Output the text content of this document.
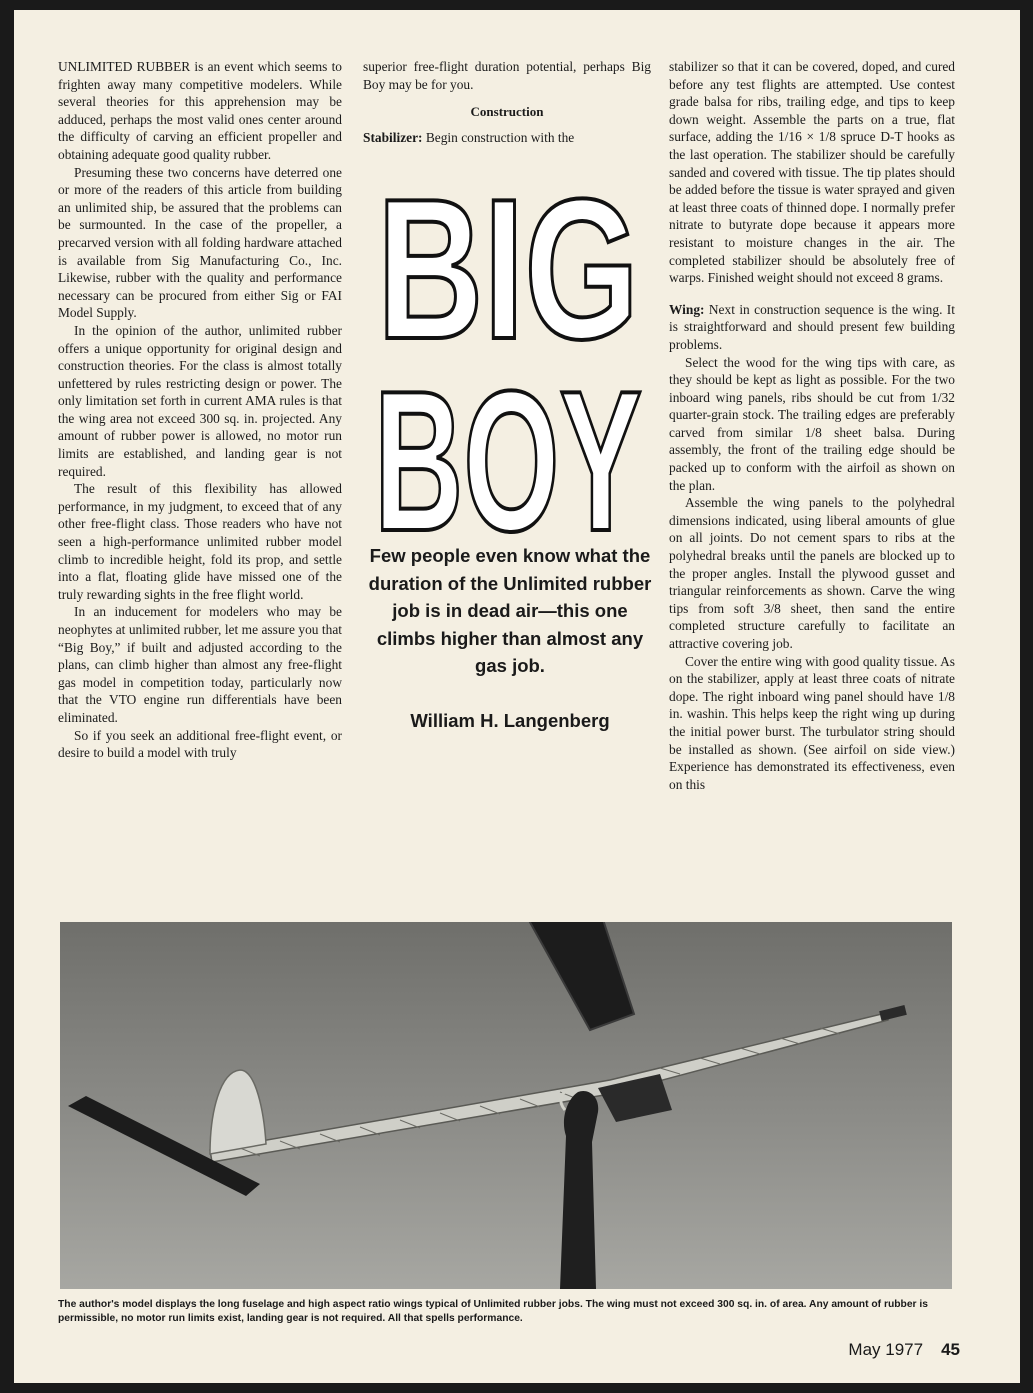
UNLIMITED RUBBER is an event which seems to frighten away many competitive modelers. While several theories for this apprehension may be adduced, perhaps the most valid ones center around the difficulty of carving an efficient propeller and obtaining adequate good quality rubber.

Presuming these two concerns have deterred one or more of the readers of this article from building an unlimited ship, be assured that the problems can be surmounted. In the case of the propeller, a precarved version with all folding hardware attached is available from Sig Manufacturing Co., Inc. Likewise, rubber with the quality and performance necessary can be procured from either Sig or FAI Model Supply.

In the opinion of the author, unlimited rubber offers a unique opportunity for original design and construction theories. For the class is almost totally unfettered by rules restricting design or power. The only limitation set forth in current AMA rules is that the wing area not exceed 300 sq. in. projected. Any amount of rubber power is allowed, no motor run limits are established, and landing gear is not required.

The result of this flexibility has allowed performance, in my judgment, to exceed that of any other free-flight class. Those readers who have not seen a high-performance unlimited rubber model climb to incredible height, fold its prop, and settle into a flat, floating glide have missed one of the truly rewarding sights in the free flight world.

In an inducement for modelers who may be neophytes at unlimited rubber, let me assure you that “Big Boy,” if built and adjusted according to the plans, can climb higher than almost any free-flight gas model in competition today, particularly now that the VTO engine run differentials have been eliminated.

So if you seek an additional free-flight event, or desire to build a model with truly

superior free-flight duration potential, perhaps Big Boy may be for you.

Construction

Stabilizer: Begin construction with the

BIG
BOY
Few people even know what the duration of the Unlimited rubber job is in dead air—this one climbs higher than almost any gas job.
William H. Langenberg

stabilizer so that it can be covered, doped, and cured before any test flights are attempted. Use contest grade balsa for ribs, trailing edge, and tips to keep down weight. Assemble the parts on a true, flat surface, adding the 1/16 × 1/8 spruce D-T hooks as the last operation. The stabilizer should be carefully sanded and covered with tissue. The tip plates should be added before the tissue is water sprayed and given at least three coats of thinned dope. I normally prefer nitrate to butyrate dope because it appears more resistant to moisture changes in the air. The completed stabilizer should be absolutely free of warps. Finished weight should not exceed 8 grams.

Wing: Next in construction sequence is the wing. It is straightforward and should present few building problems.

Select the wood for the wing tips with care, as they should be kept as light as possible. For the two inboard wing panels, ribs should be cut from 1/32 quarter-grain stock. The trailing edges are preferably carved from similar 1/8 sheet balsa. During assembly, the front of the trailing edge should be packed up to conform with the airfoil as shown on the plan.

Assemble the wing panels to the polyhedral dimensions indicated, using liberal amounts of glue on all joints. Do not cement spars to ribs at the polyhedral breaks until the panels are blocked up to the proper angles. Install the plywood gusset and triangular reinforcements as shown. Carve the wing tips from soft 3/8 sheet, then sand the entire completed structure carefully to facilitate an attractive covering job.

Cover the entire wing with good quality tissue. As on the stabilizer, apply at least three coats of nitrate dope. The right inboard wing panel should have 1/8 in. washin. This helps keep the right wing up during the initial power burst. The turbulator string should be installed as shown. (See airfoil on side view.) Experience has demonstrated its effectiveness, even on this

The author's model displays the long fuselage and high aspect ratio wings typical of Unlimited rubber jobs. The wing must not exceed 300 sq. in. of area. Any amount of rubber is permissible, no motor run limits exist, landing gear is not required. All that spells performance.
May 1977 45
